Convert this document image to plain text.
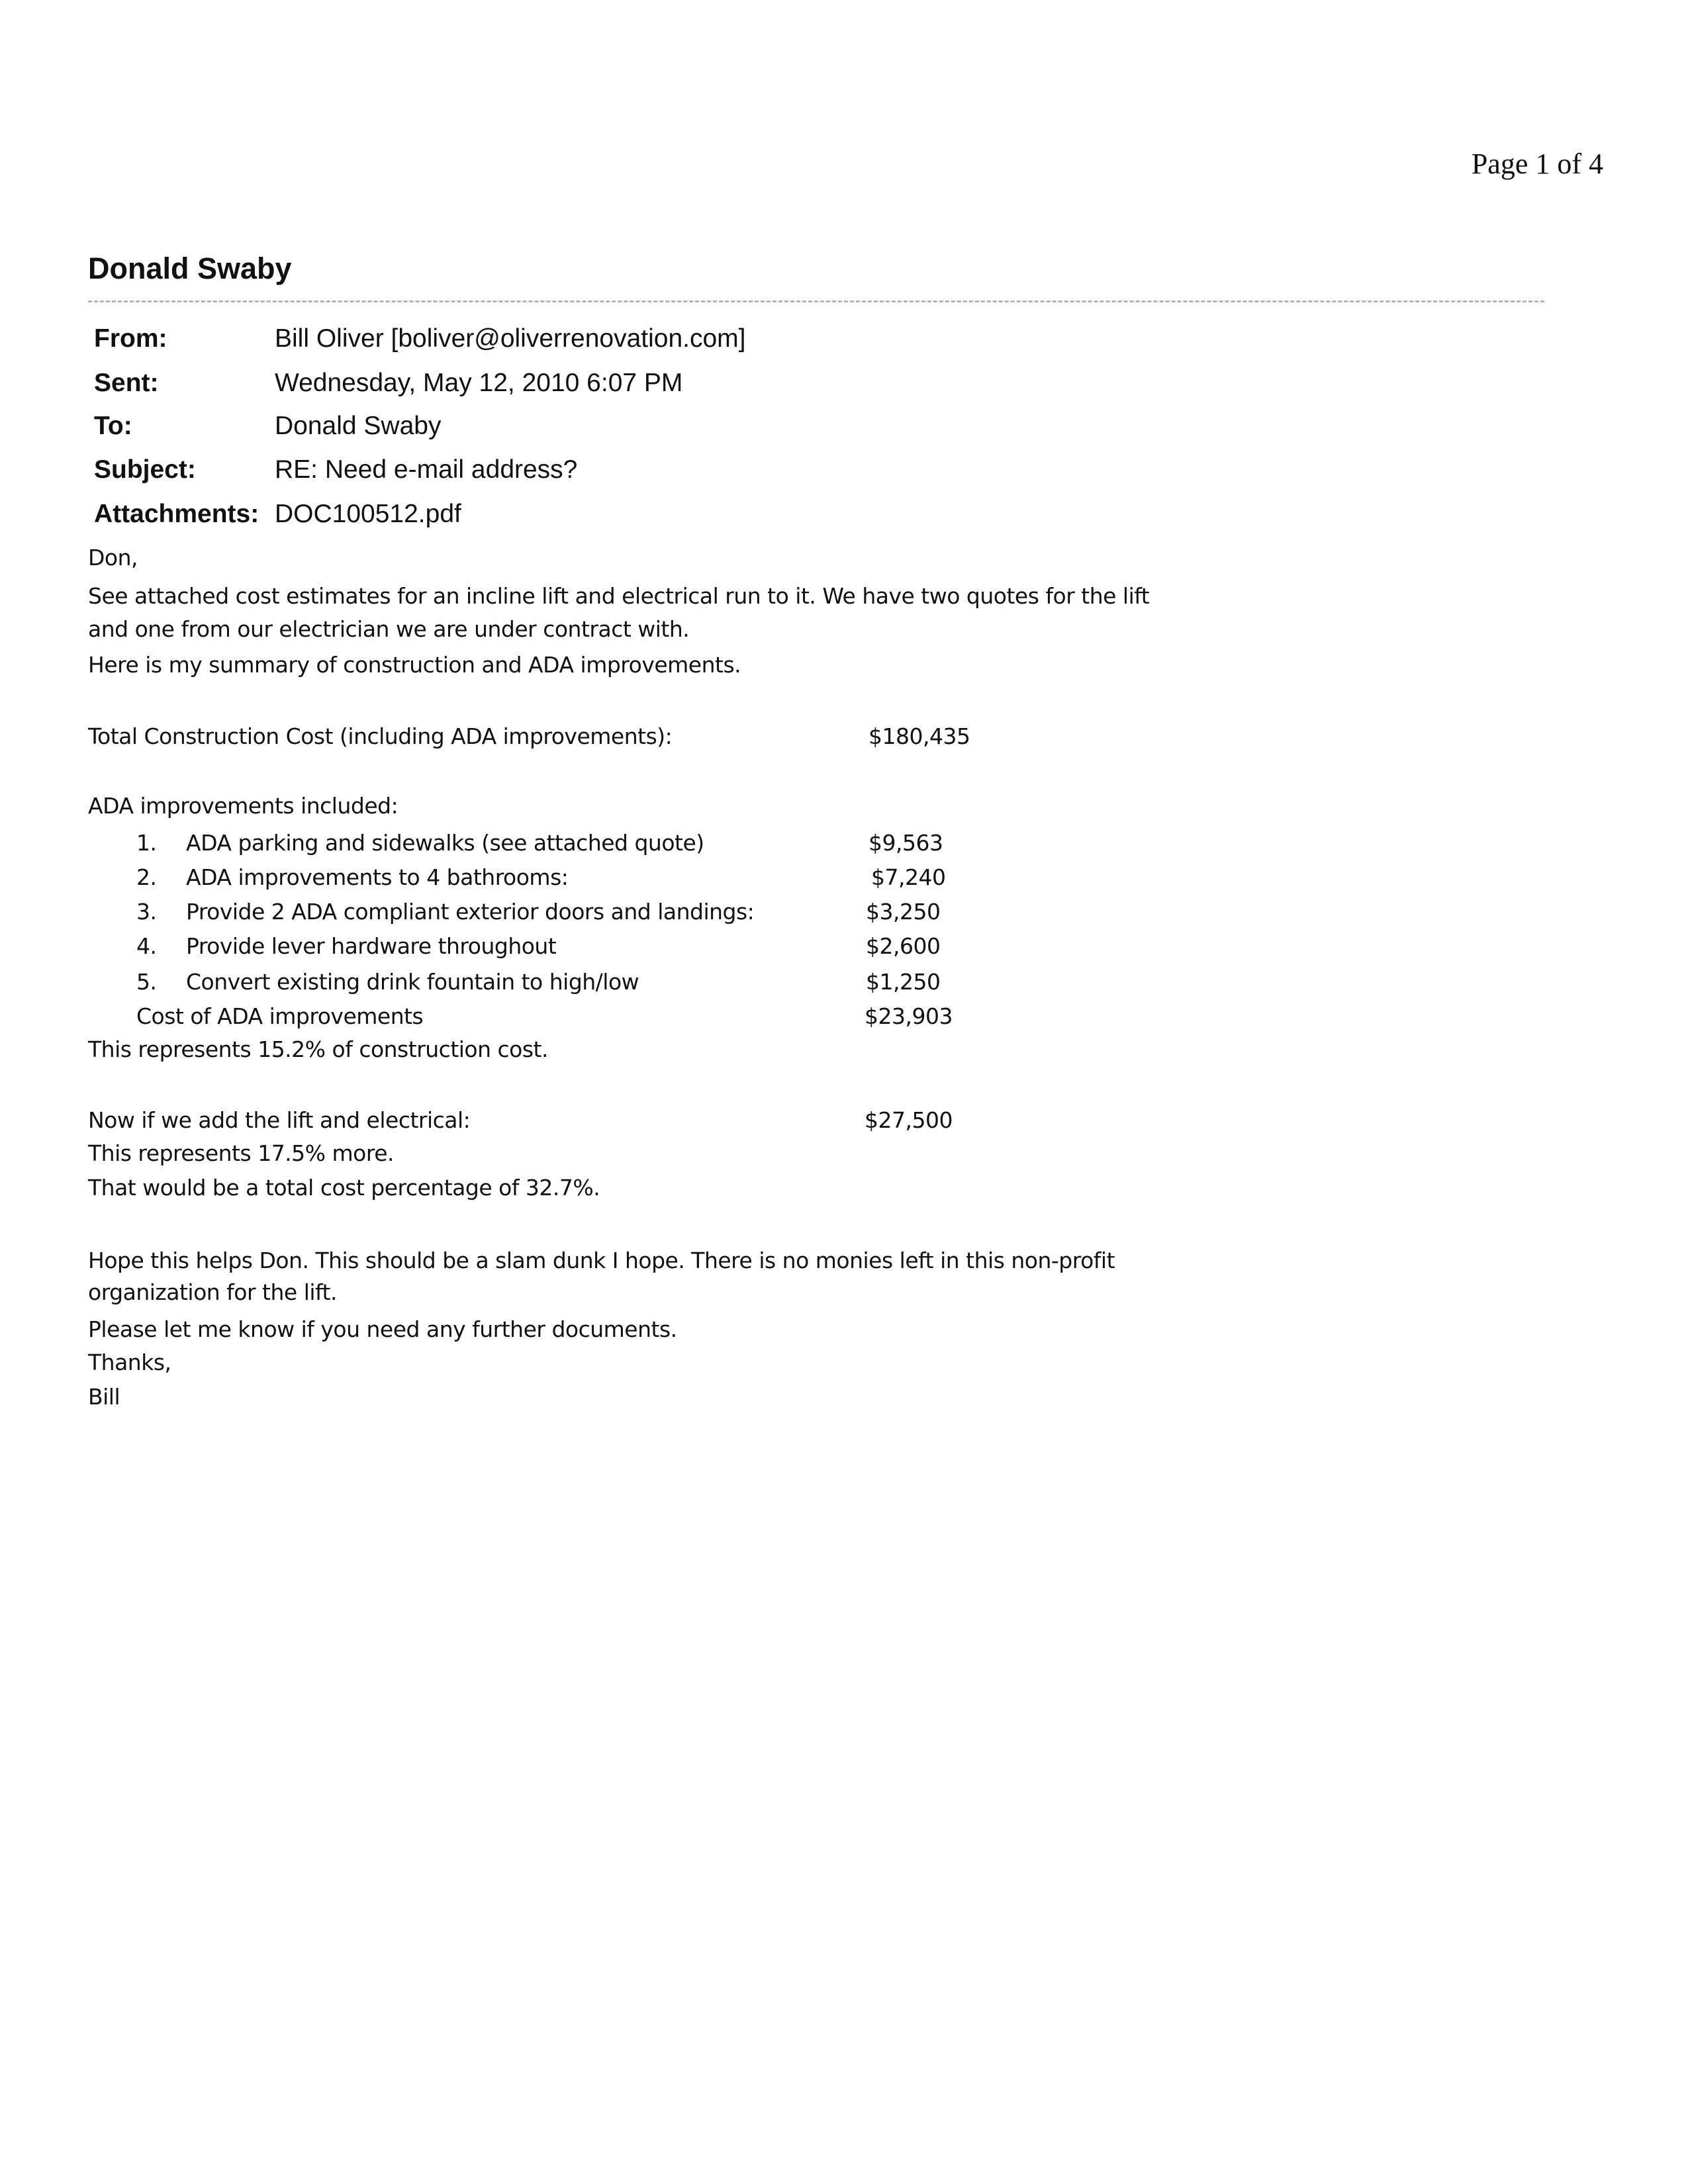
Page 1 of 4
Donald Swaby
From:	Bill Oliver [boliver@oliverrenovation.com]
Sent:	Wednesday, May 12, 2010 6:07 PM
To:	Donald Swaby
Subject:	RE: Need e-mail address?
Attachments: DOC100512.pdf
Don,
See attached cost estimates for an incline lift and electrical run to it. We have two quotes for the lift
and one from our electrician we are under contract with.
Here is my summary of construction and ADA improvements.
Total Construction Cost (including ADA improvements):	$180,435
ADA improvements included:
1. ADA parking and sidewalks (see attached quote)	$9,563
2. ADA improvements to 4 bathrooms:	$7,240
3. Provide 2 ADA compliant exterior doors and landings:	$3,250
4. Provide lever hardware throughout	$2,600
5. Convert existing drink fountain to high/low	$1,250
Cost of ADA improvements	$23,903
This represents 15.2% of construction cost.
Now if we add the lift and electrical:	$27,500
This represents 17.5% more.
That would be a total cost percentage of 32.7%.
Hope this helps Don. This should be a slam dunk I hope. There is no monies left in this non-profit
organization for the lift.
Please let me know if you need any further documents.
Thanks,
Bill
